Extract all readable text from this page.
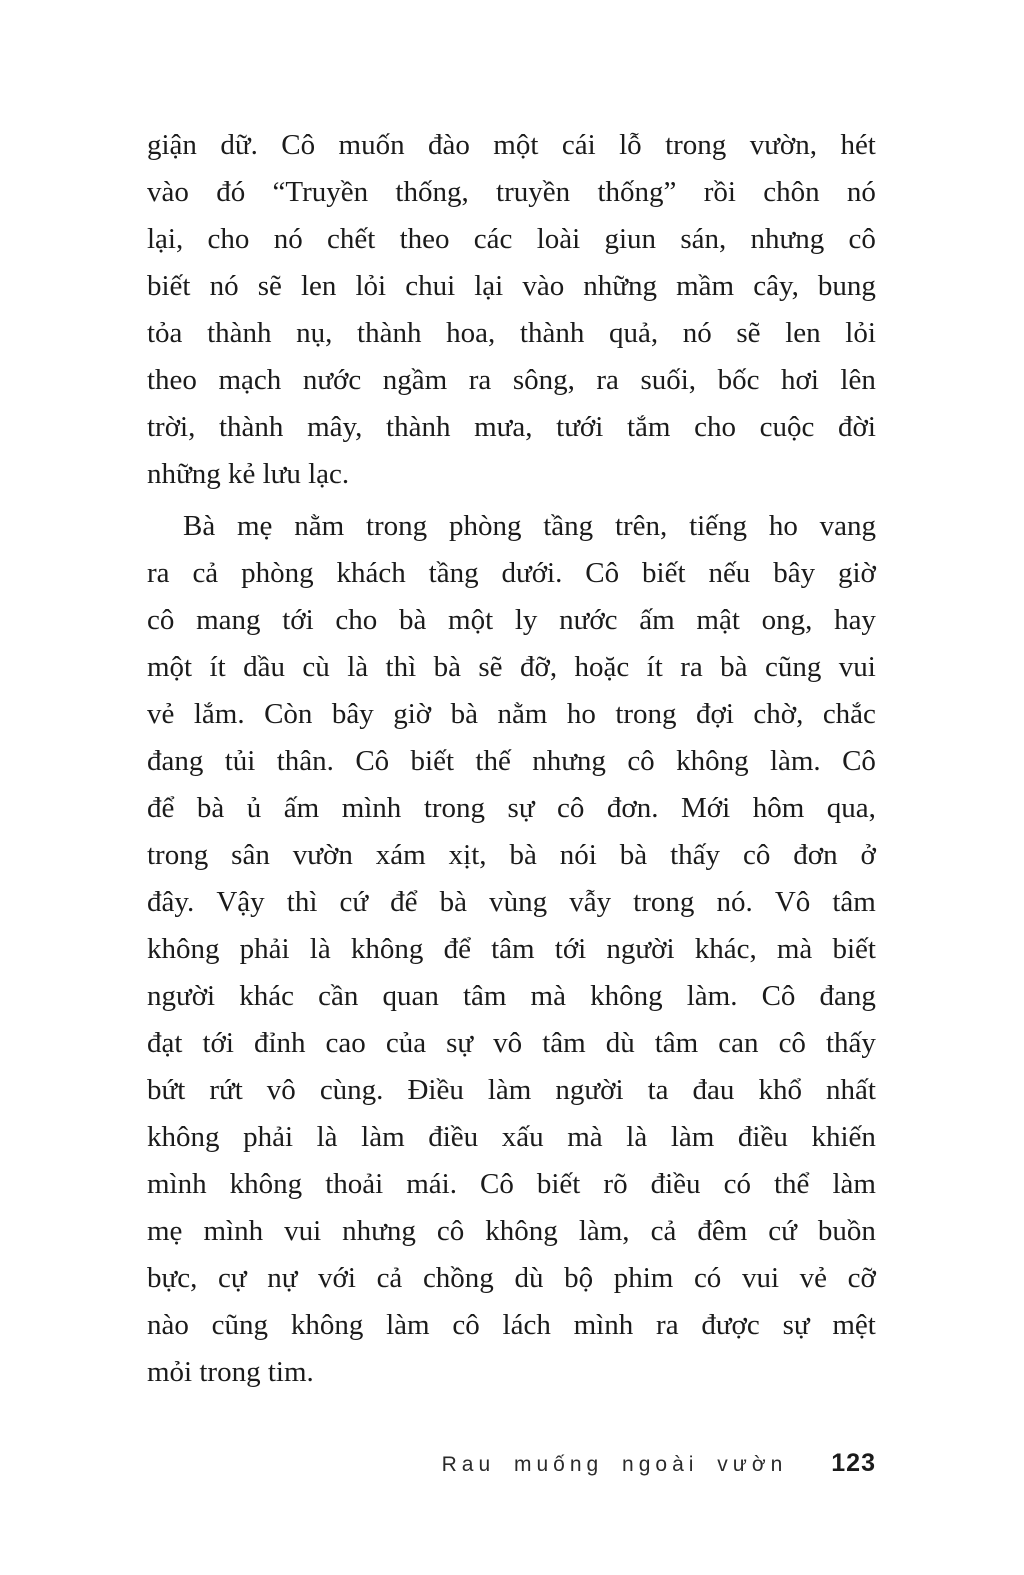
giận dữ. Cô muốn đào một cái lỗ trong vườn, hét
vào đó “Truyền thống, truyền thống” rồi chôn nó
lại, cho nó chết theo các loài giun sán, nhưng cô
biết nó sẽ len lỏi chui lại vào những mầm cây, bung
tỏa thành nụ, thành hoa, thành quả, nó sẽ len lỏi
theo mạch nước ngầm ra sông, ra suối, bốc hơi lên
trời, thành mây, thành mưa, tưới tắm cho cuộc đời
những kẻ lưu lạc.
Bà mẹ nằm trong phòng tầng trên, tiếng ho vang
ra cả phòng khách tầng dưới. Cô biết nếu bây giờ
cô mang tới cho bà một ly nước ấm mật ong, hay
một ít dầu cù là thì bà sẽ đỡ, hoặc ít ra bà cũng vui
vẻ lắm. Còn bây giờ bà nằm ho trong đợi chờ, chắc
đang tủi thân. Cô biết thế nhưng cô không làm. Cô
để bà ủ ấm mình trong sự cô đơn. Mới hôm qua,
trong sân vườn xám xịt, bà nói bà thấy cô đơn ở
đây. Vậy thì cứ để bà vùng vẫy trong nó. Vô tâm
không phải là không để tâm tới người khác, mà biết
người khác cần quan tâm mà không làm. Cô đang
đạt tới đỉnh cao của sự vô tâm dù tâm can cô thấy
bứt rứt vô cùng. Điều làm người ta đau khổ nhất
không phải là làm điều xấu mà là làm điều khiến
mình không thoải mái. Cô biết rõ điều có thể làm
mẹ mình vui nhưng cô không làm, cả đêm cứ buồn
bực, cự nự với cả chồng dù bộ phim có vui vẻ cỡ
nào cũng không làm cô lách mình ra được sự mệt
mỏi trong tim.
Rau muống ngoài vườn 123
